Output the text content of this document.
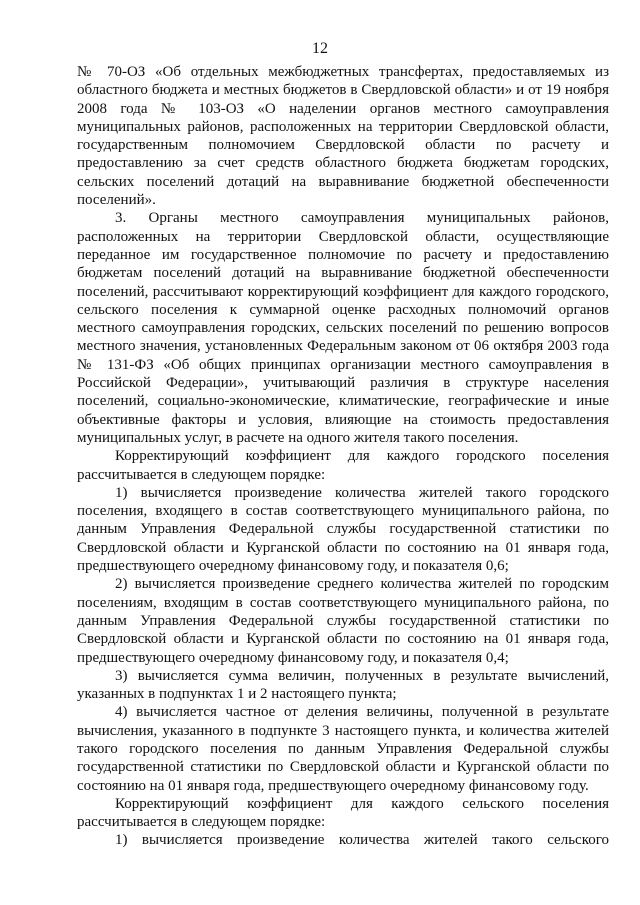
12

№ 70-ОЗ «Об отдельных межбюджетных трансфертах, предоставляемых из областного бюджета и местных бюджетов в Свердловской области» и от 19 ноября 2008 года № 103-ОЗ «О наделении органов местного самоуправления муниципальных районов, расположенных на территории Свердловской области, государственным полномочием Свердловской области по расчету и предоставлению за счет средств областного бюджета бюджетам городских, сельских поселений дотаций на выравнивание бюджетной обеспеченности поселений».

3. Органы местного самоуправления муниципальных районов, расположенных на территории Свердловской области, осуществляющие переданное им государственное полномочие по расчету и предоставлению бюджетам поселений дотаций на выравнивание бюджетной обеспеченности поселений, рассчитывают корректирующий коэффициент для каждого городского, сельского поселения к суммарной оценке расходных полномочий органов местного самоуправления городских, сельских поселений по решению вопросов местного значения, установленных Федеральным законом от 06 октября 2003 года № 131-ФЗ «Об общих принципах организации местного самоуправления в Российской Федерации», учитывающий различия в структуре населения поселений, социально-экономические, климатические, географические и иные объективные факторы и условия, влияющие на стоимость предоставления муниципальных услуг, в расчете на одного жителя такого поселения.

Корректирующий коэффициент для каждого городского поселения рассчитывается в следующем порядке:

1) вычисляется произведение количества жителей такого городского поселения, входящего в состав соответствующего муниципального района, по данным Управления Федеральной службы государственной статистики по Свердловской области и Курганской области по состоянию на 01 января года, предшествующего очередному финансовому году, и показателя 0,6;

2) вычисляется произведение среднего количества жителей по городским поселениям, входящим в состав соответствующего муниципального района, по данным Управления Федеральной службы государственной статистики по Свердловской области и Курганской области по состоянию на 01 января года, предшествующего очередному финансовому году, и показателя 0,4;

3) вычисляется сумма величин, полученных в результате вычислений, указанных в подпунктах 1 и 2 настоящего пункта;

4) вычисляется частное от деления величины, полученной в результате вычисления, указанного в подпункте 3 настоящего пункта, и количества жителей такого городского поселения по данным Управления Федеральной службы государственной статистики по Свердловской области и Курганской области по состоянию на 01 января года, предшествующего очередному финансовому году.

Корректирующий коэффициент для каждого сельского поселения рассчитывается в следующем порядке:

1) вычисляется произведение количества жителей такого сельского
